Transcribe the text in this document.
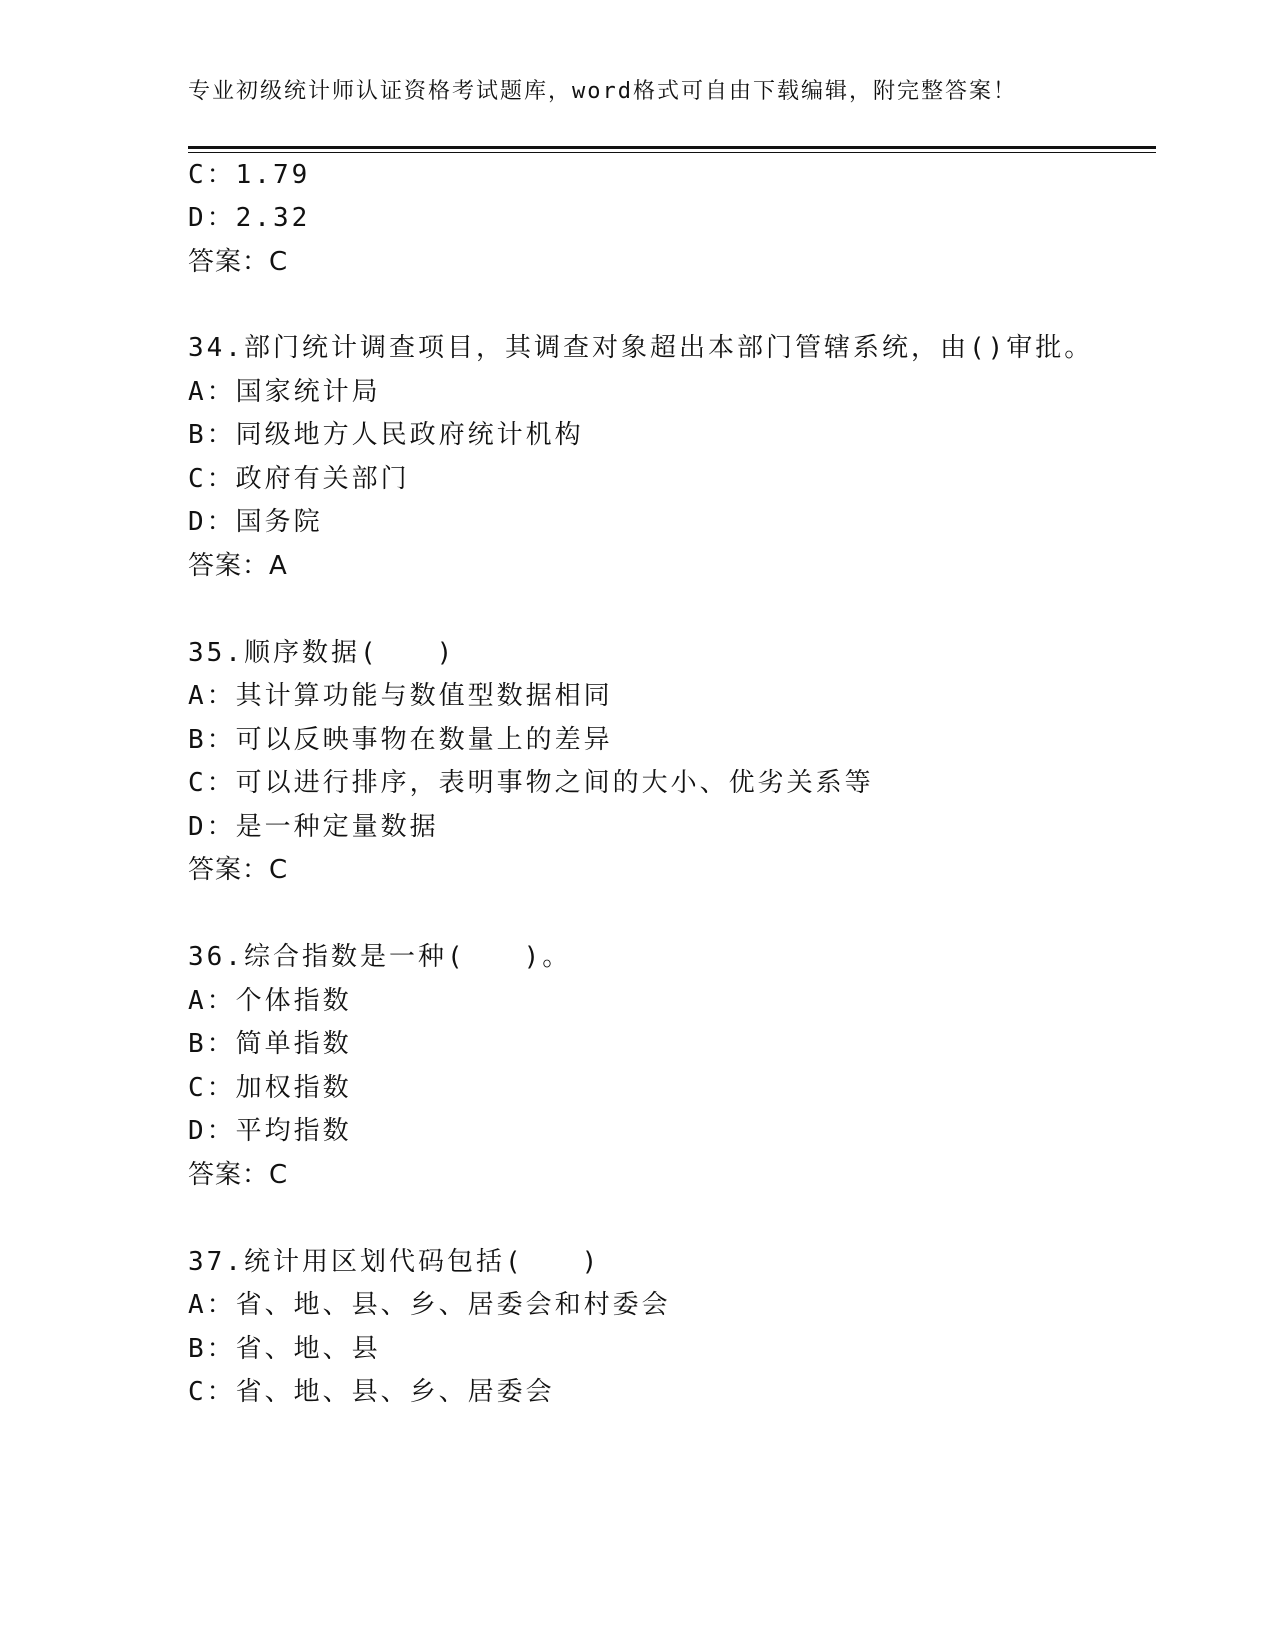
专业初级统计师认证资格考试题库，word格式可自由下载编辑，附完整答案！
C：1.79
D：2.32
答案：C
34.部门统计调查项目，其调查对象超出本部门管辖系统，由()审批。
A：国家统计局
B：同级地方人民政府统计机构
C：政府有关部门
D：国务院
答案：A
35.顺序数据(　　)
A：其计算功能与数值型数据相同
B：可以反映事物在数量上的差异
C：可以进行排序，表明事物之间的大小、优劣关系等
D：是一种定量数据
答案：C
36.综合指数是一种(　　)。
A：个体指数
B：简单指数
C：加权指数
D：平均指数
答案：C
37.统计用区划代码包括(　　)
A：省、地、县、乡、居委会和村委会
B：省、地、县
C：省、地、县、乡、居委会
